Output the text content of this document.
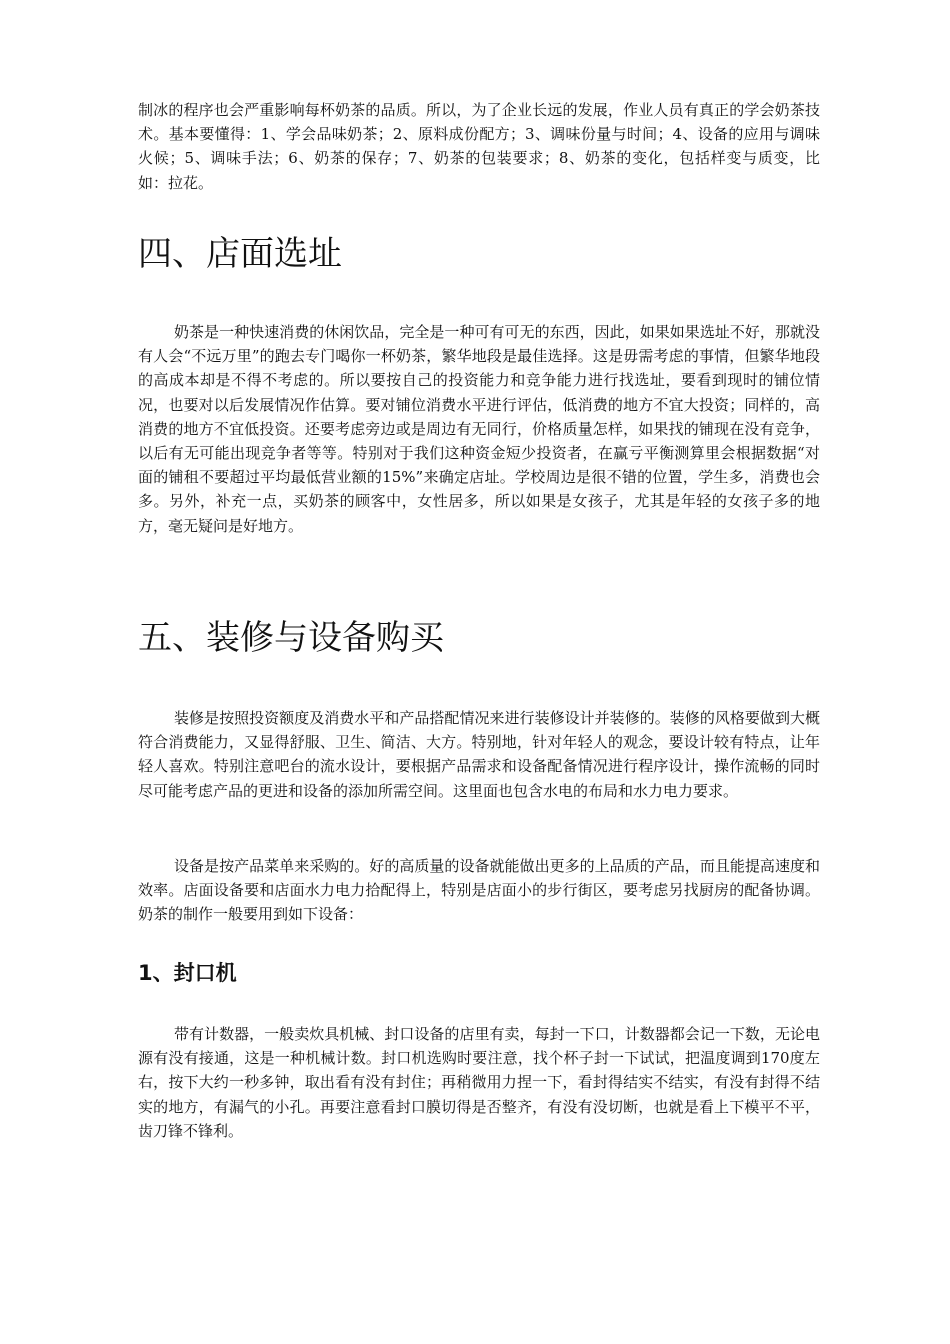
制冰的程序也会严重影响每杯奶茶的品质。所以，为了企业长远的发展，作业人员有真正的学会奶茶技术。基本要懂得：1、学会品味奶茶；2、原料成份配方；3、调味份量与时间；4、设备的应用与调味火候；5、调味手法；6、奶茶的保存；7、奶茶的包装要求；8、奶茶的变化，包括样变与质变，比如：拉花。

四、店面选址

奶茶是一种快速消费的休闲饮品，完全是一种可有可无的东西，因此，如果如果选址不好，那就没有人会“不远万里”的跑去专门喝你一杯奶茶，繁华地段是最佳选择。这是毋需考虑的事情，但繁华地段的高成本却是不得不考虑的。所以要按自己的投资能力和竞争能力进行找选址，要看到现时的铺位情况，也要对以后发展情况作估算。要对铺位消费水平进行评估，低消费的地方不宜大投资；同样的，高消费的地方不宜低投资。还要考虑旁边或是周边有无同行，价格质量怎样，如果找的铺现在没有竞争，以后有无可能出现竞争者等等。特别对于我们这种资金短少投资者，在赢亏平衡测算里会根据数据“对面的铺租不要超过平均最低营业额的15%”来确定店址。学校周边是很不错的位置，学生多，消费也会多。另外，补充一点，买奶茶的顾客中，女性居多，所以如果是女孩子，尤其是年轻的女孩子多的地方，毫无疑问是好地方。

五、装修与设备购买

装修是按照投资额度及消费水平和产品搭配情况来进行装修设计并装修的。装修的风格要做到大概符合消费能力，又显得舒服、卫生、简洁、大方。特别地，针对年轻人的观念，要设计较有特点，让年轻人喜欢。特别注意吧台的流水设计，要根据产品需求和设备配备情况进行程序设计，操作流畅的同时尽可能考虑产品的更进和设备的添加所需空间。这里面也包含水电的布局和水力电力要求。

设备是按产品菜单来采购的。好的高质量的设备就能做出更多的上品质的产品，而且能提高速度和效率。店面设备要和店面水力电力拾配得上，特别是店面小的步行街区，要考虑另找厨房的配备协调。奶茶的制作一般要用到如下设备：

1、封口机

带有计数器，一般卖炊具机械、封口设备的店里有卖，每封一下口，计数器都会记一下数，无论电源有没有接通，这是一种机械计数。封口机选购时要注意，找个杯子封一下试试，把温度调到170度左右，按下大约一秒多钟，取出看有没有封住；再稍微用力捏一下，看封得结实不结实，有没有封得不结实的地方，有漏气的小孔。再要注意看封口膜切得是否整齐，有没有没切断，也就是看上下模平不平，齿刀锋不锋利。
